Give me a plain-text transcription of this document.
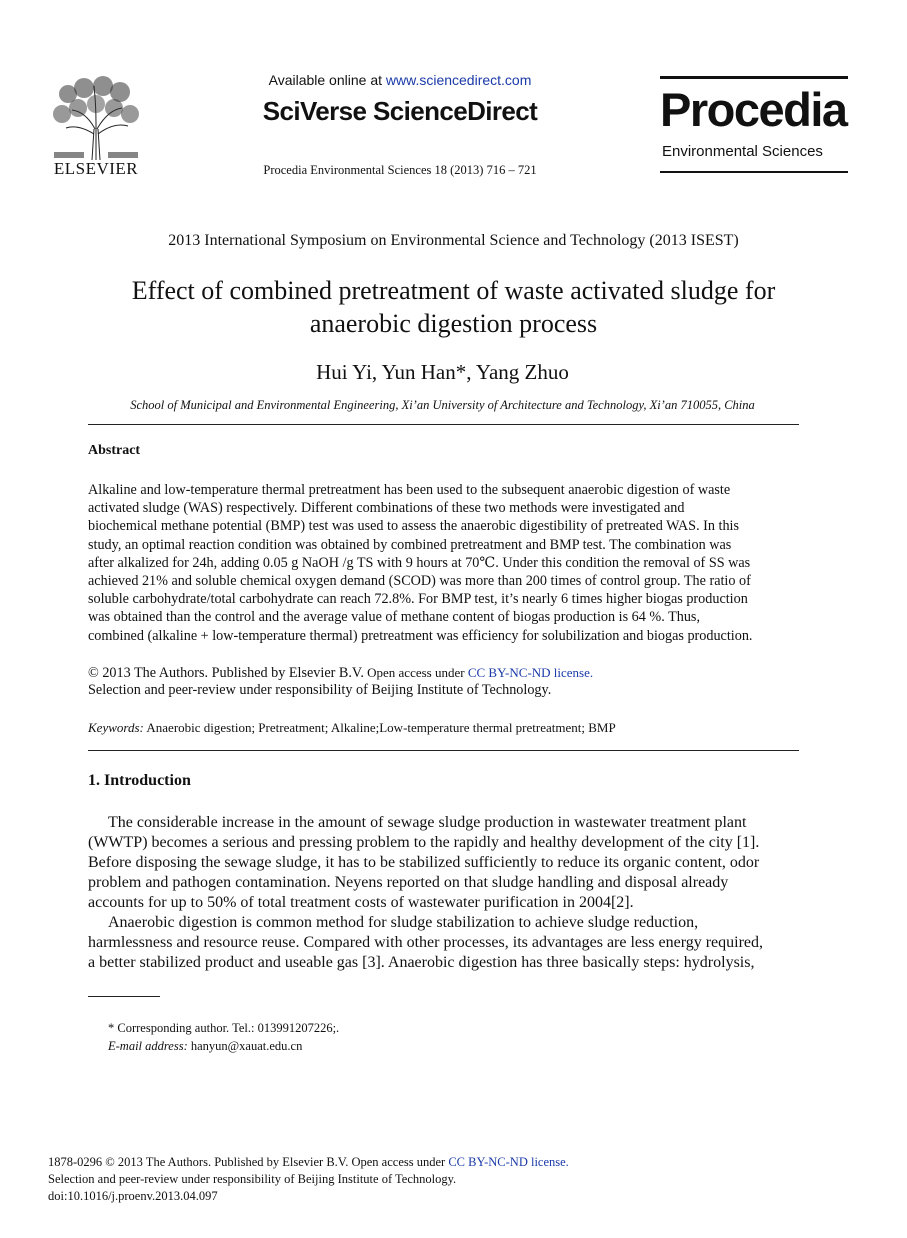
ELSEVIER
Available online at www.sciencedirect.com
SciVerse ScienceDirect
Procedia Environmental Sciences 18 (2013) 716 – 721
Procedia
Environmental Sciences
2013 International Symposium on Environmental Science and Technology (2013 ISEST)
Effect of combined pretreatment of waste activated sludge for
anaerobic digestion process
Hui Yi, Yun Han*, Yang Zhuo
School of Municipal and Environmental Engineering, Xi’an University of Architecture and Technology, Xi’an 710055, China
Abstract
Alkaline and low-temperature thermal pretreatment has been used to the subsequent anaerobic digestion of waste
activated sludge (WAS) respectively. Different combinations of these two methods were investigated and
biochemical methane potential (BMP) test was used to assess the anaerobic digestibility of pretreated WAS. In this
study, an optimal reaction condition was obtained by combined pretreatment and BMP test. The combination was
after alkalized for 24h, adding 0.05 g NaOH /g TS with 9 hours at 70℃. Under this condition the removal of SS was
achieved 21% and soluble chemical oxygen demand (SCOD) was more than 200 times of control group. The ratio of
soluble carbohydrate/total carbohydrate can reach 72.8%. For BMP test, it’s nearly 6 times higher biogas production
was obtained than the control and the average value of methane content of biogas production is 64 %. Thus,
combined (alkaline + low-temperature thermal) pretreatment was efficiency for solubilization and biogas production.
© 2013 The Authors. Published by Elsevier B.V. Open access under CC BY-NC-ND license.
Selection and peer-review under responsibility of Beijing Institute of Technology.
Keywords: Anaerobic digestion; Pretreatment; Alkaline;Low-temperature thermal pretreatment; BMP
1. Introduction
The considerable increase in the amount of sewage sludge production in wastewater treatment plant
(WWTP) becomes a serious and pressing problem to the rapidly and healthy development of the city [1].
Before disposing the sewage sludge, it has to be stabilized sufficiently to reduce its organic content, odor
problem and pathogen contamination. Neyens reported on that sludge handling and disposal already
accounts for up to 50% of total treatment costs of wastewater purification in 2004[2].
Anaerobic digestion is common method for sludge stabilization to achieve sludge reduction,
harmlessness and resource reuse. Compared with other processes, its advantages are less energy required,
a better stabilized product and useable gas [3]. Anaerobic digestion has three basically steps: hydrolysis,
* Corresponding author. Tel.: 013991207226;.
E-mail address: hanyun@xauat.edu.cn
1878-0296 © 2013 The Authors. Published by Elsevier B.V. Open access under CC BY-NC-ND license.
Selection and peer-review under responsibility of Beijing Institute of Technology.
doi:10.1016/j.proenv.2013.04.097
